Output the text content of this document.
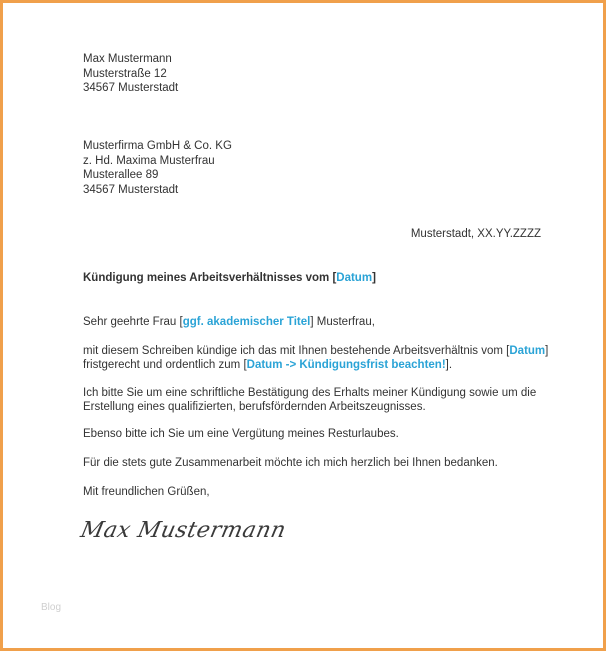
Max Mustermann
Musterstraße 12
34567 Musterstadt
Musterfirma GmbH & Co. KG
z. Hd. Maxima Musterfrau
Musterallee 89
34567 Musterstadt
Musterstadt, XX.YY.ZZZZ
Kündigung meines Arbeitsverhältnisses vom [Datum]
Sehr geehrte Frau [ggf. akademischer Titel] Musterfrau,
mit diesem Schreiben kündige ich das mit Ihnen bestehende Arbeitsverhältnis vom [Datum]
fristgerecht und ordentlich zum [Datum -> Kündigungsfrist beachten!].
Ich bitte Sie um eine schriftliche Bestätigung des Erhalts meiner Kündigung sowie um die
Erstellung eines qualifizierten, berufsfördernden Arbeitszeugnisses.
Ebenso bitte ich Sie um eine Vergütung meines Resturlaubes.
Für die stets gute Zusammenarbeit möchte ich mich herzlich bei Ihnen bedanken.
Mit freundlichen Grüßen,
Max Mustermann
Blog
